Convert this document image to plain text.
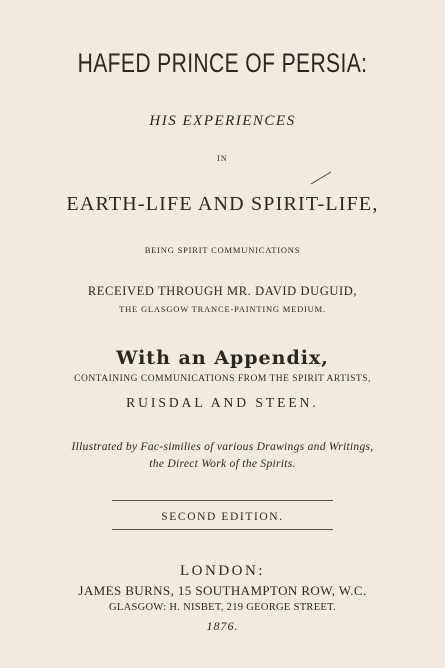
HAFED PRINCE OF PERSIA:

HIS EXPERIENCES

IN

EARTH-LIFE AND SPIRIT-LIFE,

BEING SPIRIT COMMUNICATIONS

RECEIVED THROUGH MR. DAVID DUGUID,

THE GLASGOW TRANCE-PAINTING MEDIUM.

With an Appendix,

CONTAINING COMMUNICATIONS FROM THE SPIRIT ARTISTS,

RUISDAL AND STEEN.

Illustrated by Fac-similies of various Drawings and Writings,

the Direct Work of the Spirits.

SECOND EDITION.

LONDON:

JAMES BURNS, 15 SOUTHAMPTON ROW, W.C.

GLASGOW: H. NISBET, 219 GEORGE STREET.

1876.
